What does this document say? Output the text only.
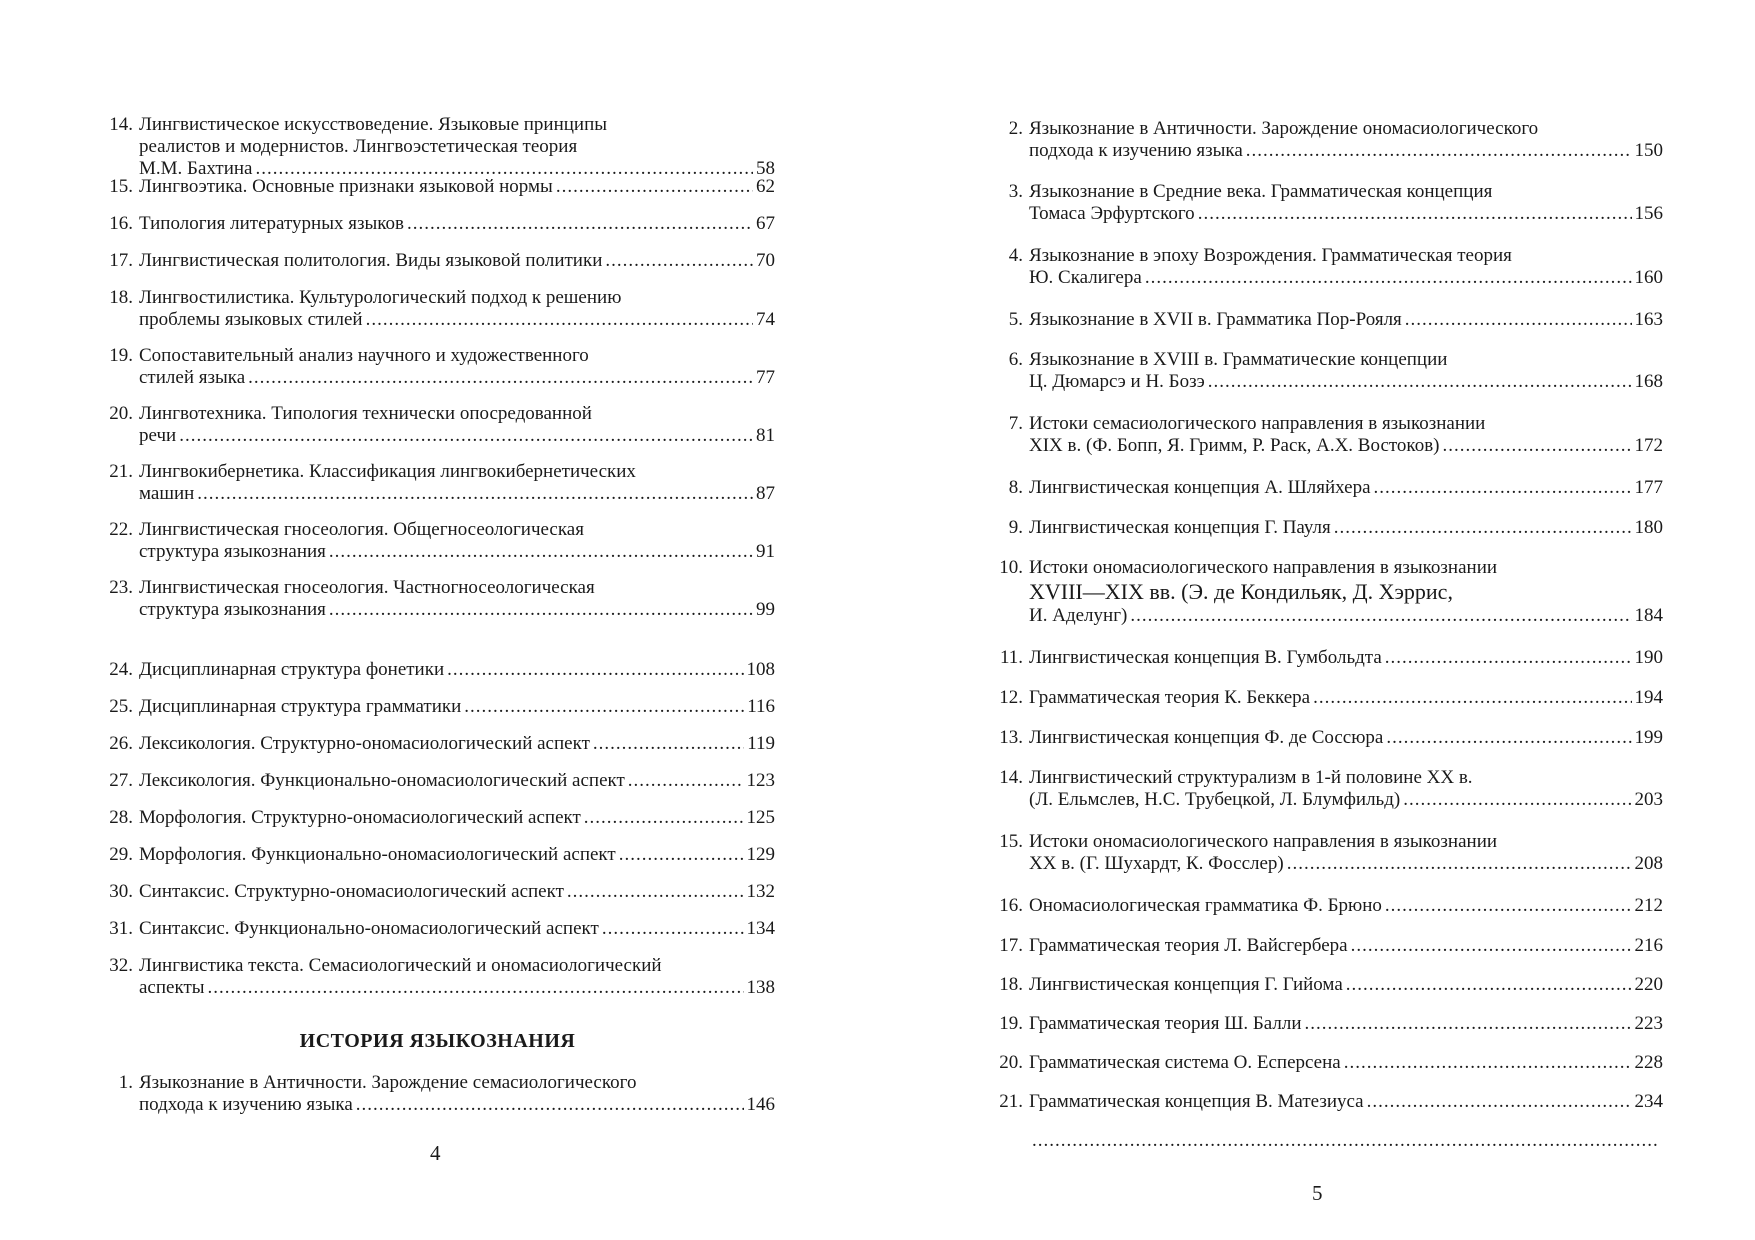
14. Лингвистическое искусствоведение. Языковые принципы
реалистов и модернистов. Лингвоэстетическая теория
М.М. Бахтина .....	58
15. Лингвоэтика. Основные признаки языковой нормы .....	62
16. Типология литературных языков .....	67
17. Лингвистическая политология. Виды языковой политики .....	70
18. Лингвостилистика. Культурологический подход к решению
проблемы языковых стилей .....	74
19. Сопоставительный анализ научного и художественного
стилей языка .....	77
20. Лингвотехника. Типология технически опосредованной
речи .....	81
21. Лингвокибернетика. Классификация лингвокибернетических
машин .....	87
22. Лингвистическая гносеология. Общегносеологическая
структура языкознания .....	91
23. Лингвистическая гносеология. Частногносеологическая
структура языкознания .....	99
24. Дисциплинарная структура фонетики .....	108
25. Дисциплинарная структура грамматики .....	116
26. Лексикология. Структурно-ономасиологический аспект .....	119
27. Лексикология. Функционально-ономасиологический аспект .....	123
28. Морфология. Структурно-ономасиологический аспект .....	125
29. Морфология. Функционально-ономасиологический аспект .....	129
30. Синтаксис. Структурно-ономасиологический аспект .....	132
31. Синтаксис. Функционально-ономасиологический аспект .....	134
32. Лингвистика текста. Семасиологический и ономасиологический
аспекты .....	138
ИСТОРИЯ ЯЗЫКОЗНАНИЯ
1. Языкознание в Античности. Зарождение семасиологического
подхода к изучению языка .....	146
4
5
2. Языкознание в Античности. Зарождение ономасиологического
подхода к изучению языка .....	150
3. Языкознание в Средние века. Грамматическая концепция
Томаса Эрфуртского .....	156
4. Языкознание в эпоху Возрождения. Грамматическая теория
Ю. Скалигера .....	160
5. Языкознание в XVII в. Грамматика Пор-Рояля .....	163
6. Языкознание в XVIII в. Грамматические концепции
Ц. Дюмарсэ и Н. Бозэ .....	168
7. Истоки семасиологического направления в языкознании
XIX в. (Ф. Бопп, Я. Гримм, Р. Раск, А.Х. Востоков) .....	172
8. Лингвистическая концепция А. Шляйхера .....	177
9. Лингвистическая концепция Г. Пауля .....	180
10. Истоки ономасиологического направления в языкознании
XVIII—XIX вв. (Э. де Кондильяк, Д. Хэррис,
И. Аделунг) .....	184
11. Лингвистическая концепция В. Гумбольдта .....	190
12. Грамматическая теория К. Беккера .....	194
13. Лингвистическая концепция Ф. де Соссюра .....	199
14. Лингвистический структурализм в 1-й половине XX в.
(Л. Ельмслев, Н.С. Трубецкой, Л. Блумфильд) .....	203
15. Истоки ономасиологического направления в языкознании
XX в. (Г. Шухардт, К. Фосслер) .....	208
16. Ономасиологическая грамматика Ф. Брюно .....	212
17. Грамматическая теория Л. Вайсгербера .....	216
18. Лингвистическая концепция Г. Гийома .....	220
19. Грамматическая теория Ш. Балли .....	223
20. Грамматическая система О. Есперсена .....	228
21. Грамматическая концепция В. Матезиуса .....	234
.....
